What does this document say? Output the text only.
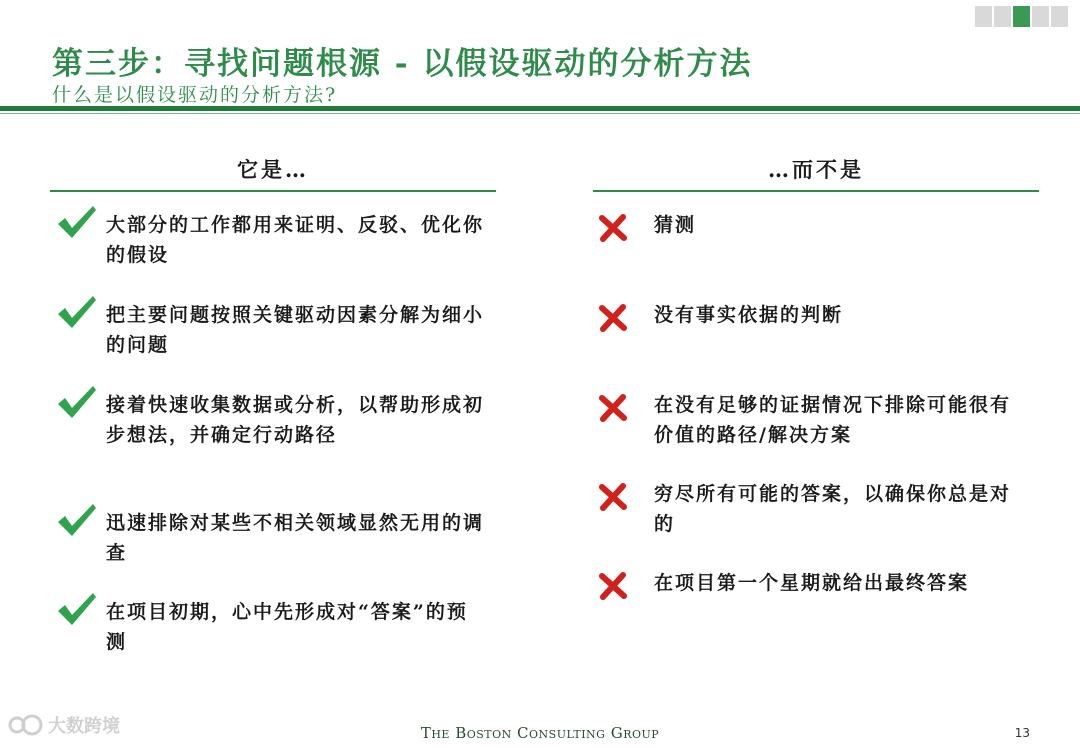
第三步：寻找问题根源 - 以假设驱动的分析方法
什么是以假设驱动的分析方法?
它是…
大部分的工作都用来证明、反驳、优化你的假设
把主要问题按照关键驱动因素分解为细小的问题
接着快速收集数据或分析，以帮助形成初步想法，并确定行动路径
迅速排除对某些不相关领域显然无用的调查
在项目初期，心中先形成对“答案”的预测
…而不是
猜测
没有事实依据的判断
在没有足够的证据情况下排除可能很有价值的路径/解决方案
穷尽所有可能的答案，以确保你总是对的
在项目第一个星期就给出最终答案
大数跨境	The Boston Consulting Group	13
